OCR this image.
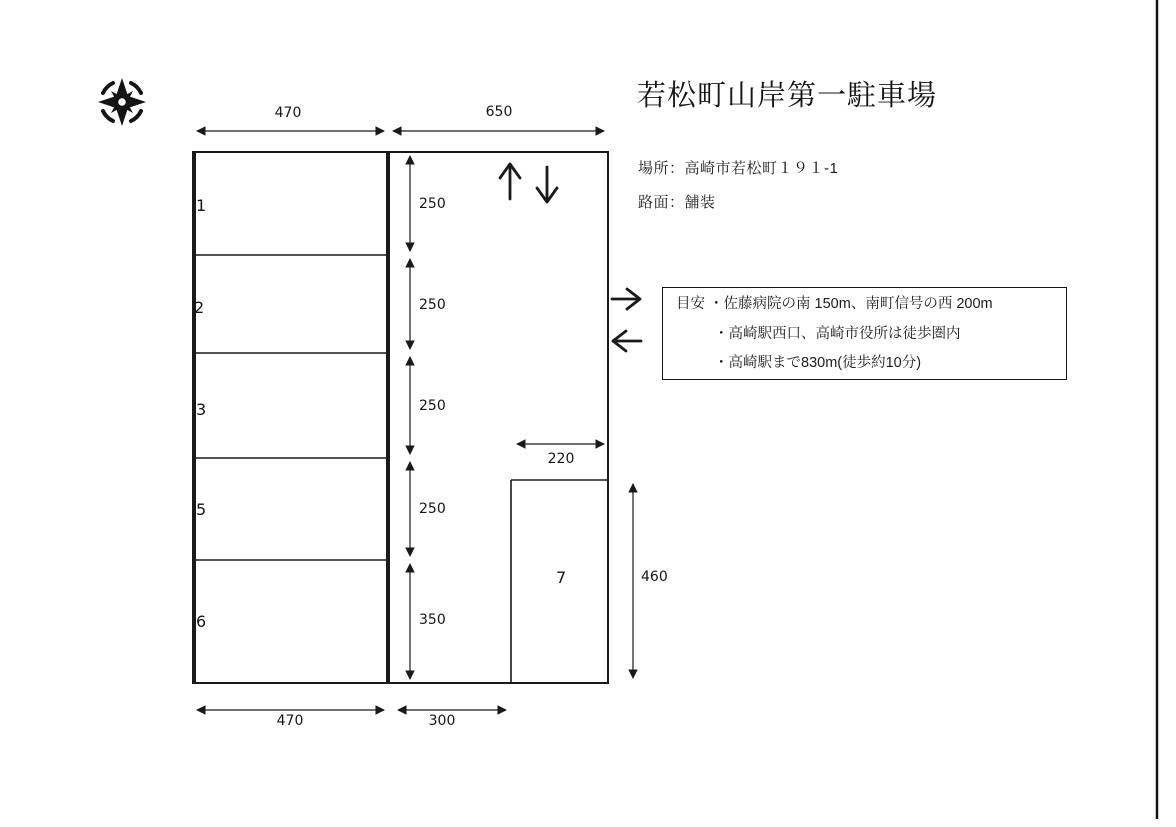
若松町山岸第一駐車場
場所：高崎市若松町１９１-1
路面：舗装
目安 ・佐藤病院の南 150m、南町信号の西 200m
・高崎駅西口、高崎市役所は徒歩圏内
・高崎駅まで830m(徒歩約10分)
470	650
250
250
250
250
350
220
460
470	300
1
2
3
5
6
7
